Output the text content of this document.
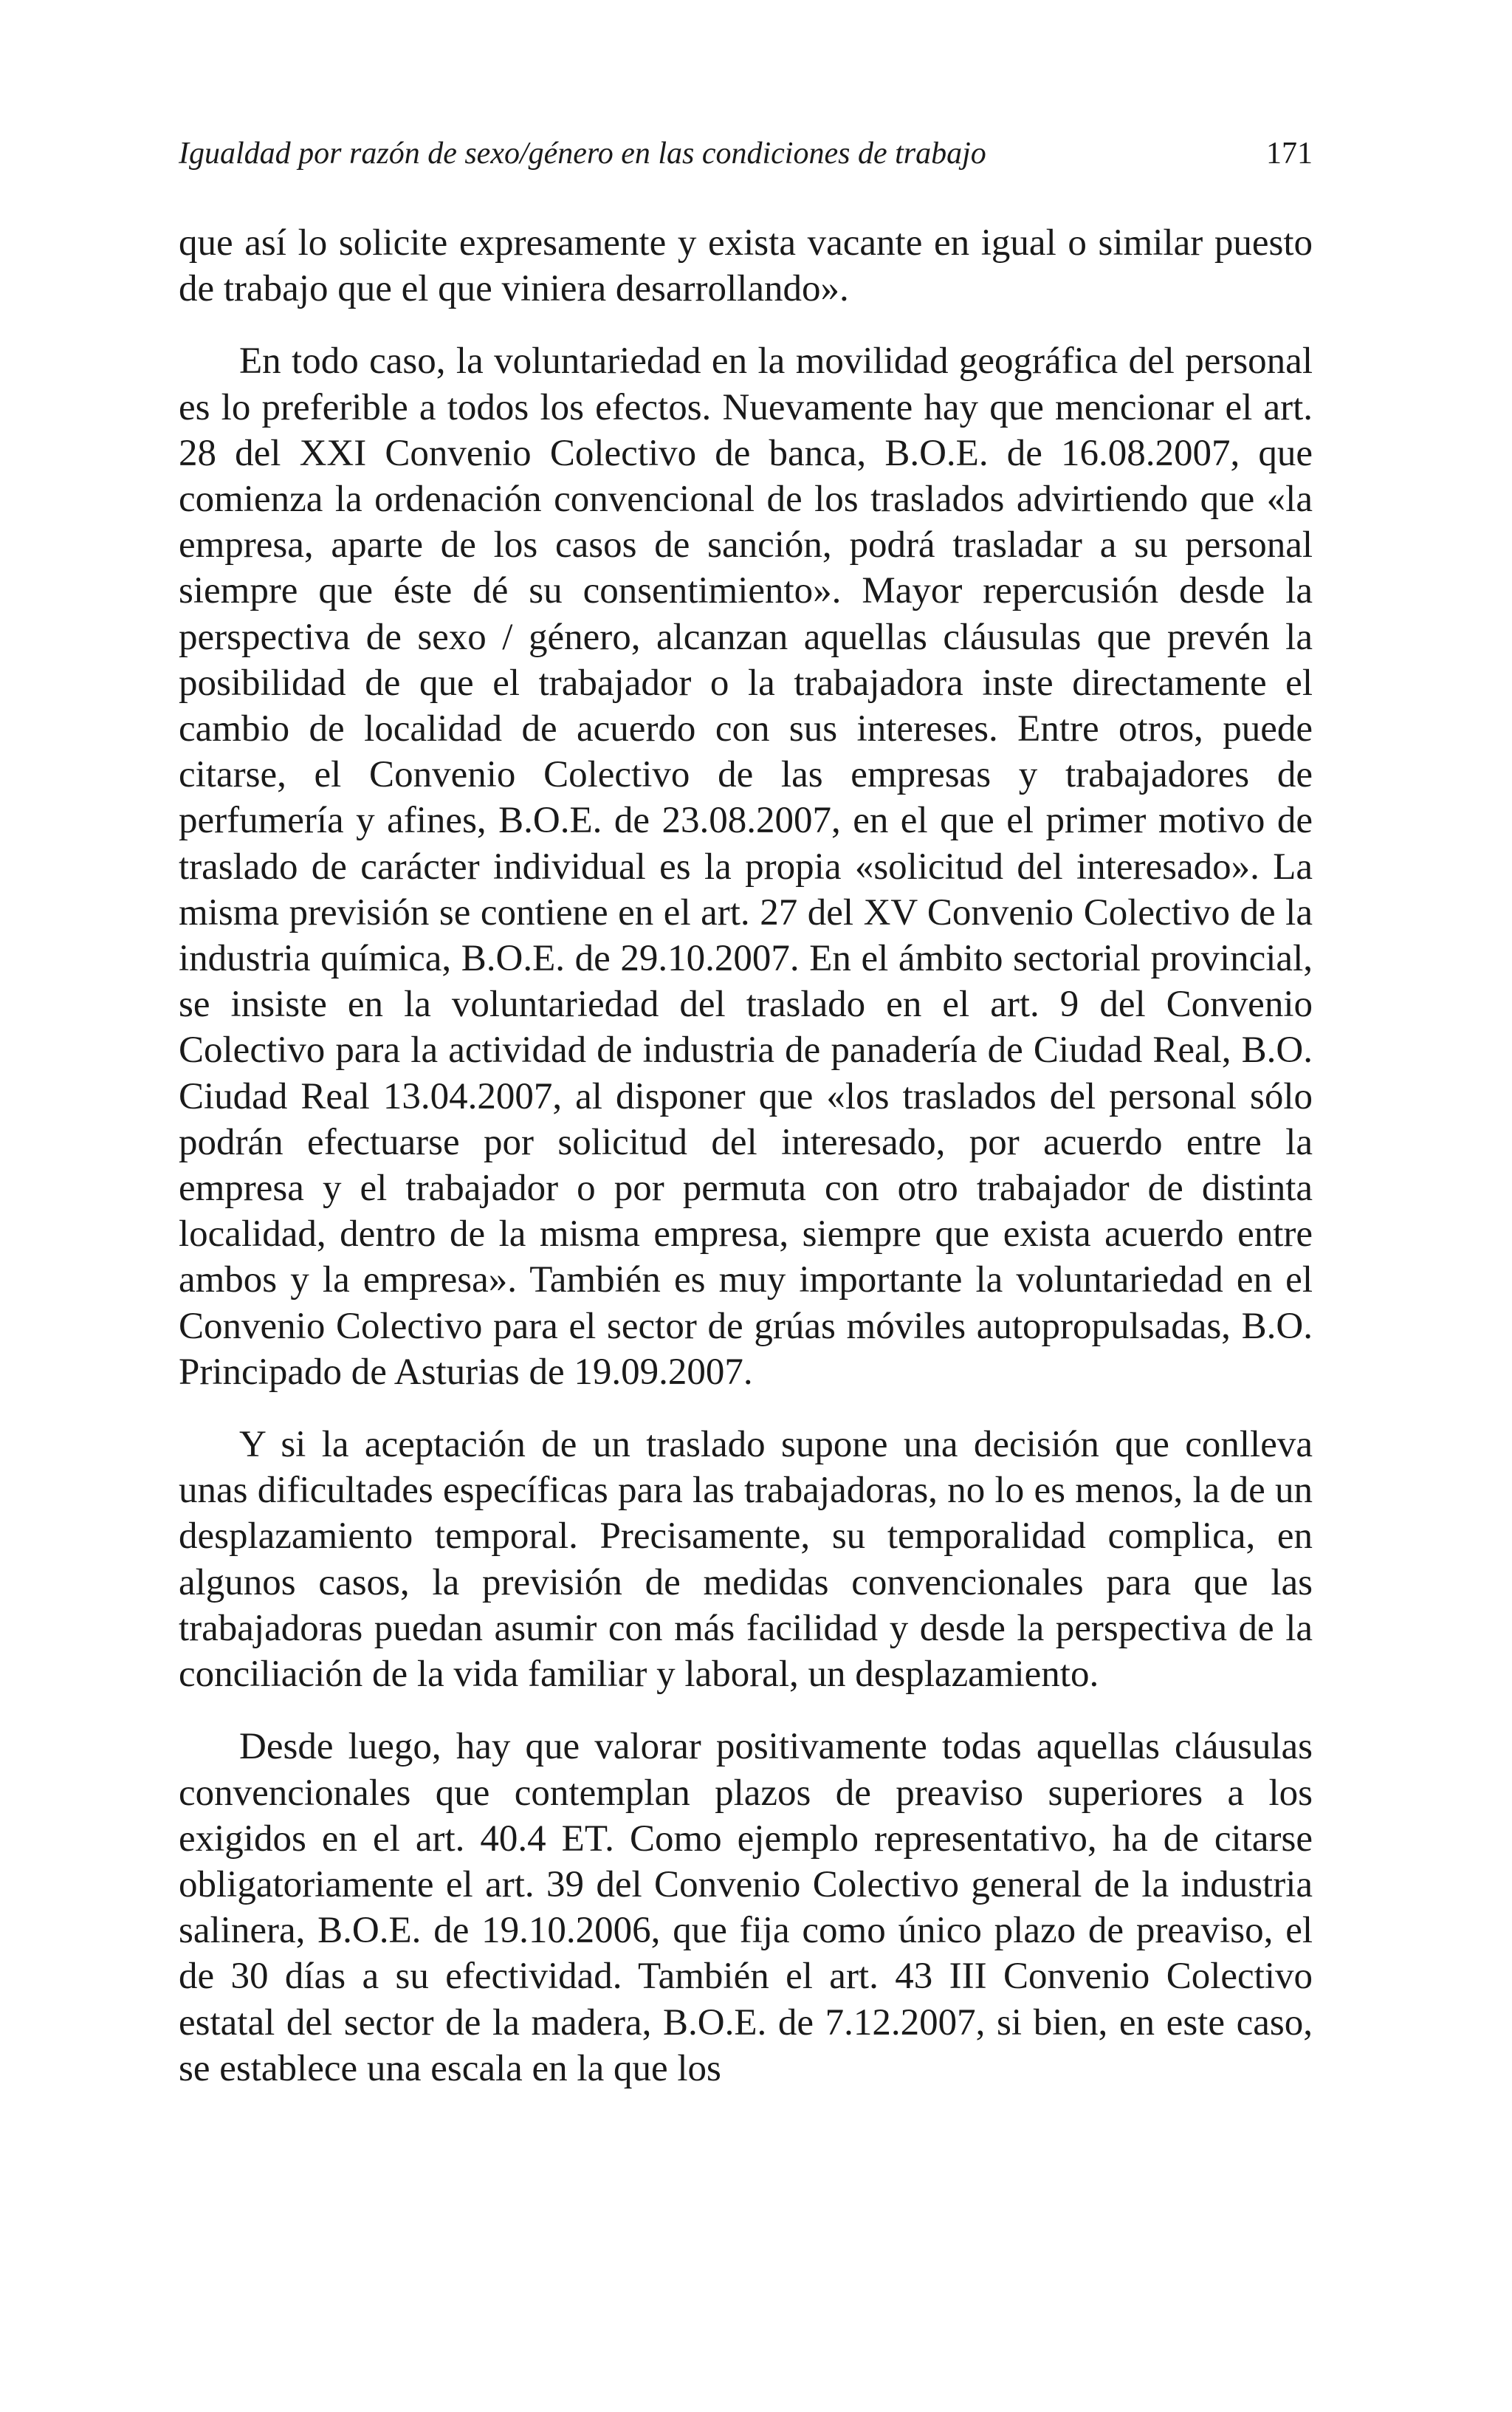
Igualdad por razón de sexo/género en las condiciones de trabajo	171

que así lo solicite expresamente y exista vacante en igual o similar puesto de trabajo que el que viniera desarrollando».

En todo caso, la voluntariedad en la movilidad geográfica del personal es lo preferible a todos los efectos. Nuevamente hay que mencionar el art. 28 del XXI Convenio Colectivo de banca, B.O.E. de 16.08.2007, que comienza la ordenación convencional de los traslados advirtiendo que «la empresa, aparte de los casos de sanción, podrá trasladar a su personal siempre que éste dé su consentimiento». Mayor repercusión desde la perspectiva de sexo / género, alcanzan aquellas cláusulas que prevén la posibilidad de que el trabajador o la trabajadora inste directamente el cambio de localidad de acuerdo con sus intereses. Entre otros, puede citarse, el Convenio Colectivo de las empresas y trabajadores de perfumería y afines, B.O.E. de 23.08.2007, en el que el primer motivo de traslado de carácter individual es la propia «solicitud del interesado». La misma previsión se contiene en el art. 27 del XV Convenio Colectivo de la industria química, B.O.E. de 29.10.2007. En el ámbito sectorial provincial, se insiste en la voluntariedad del traslado en el art. 9 del Convenio Colectivo para la actividad de industria de panadería de Ciudad Real, B.O. Ciudad Real 13.04.2007, al disponer que «los traslados del personal sólo podrán efectuarse por solicitud del interesado, por acuerdo entre la empresa y el trabajador o por permuta con otro trabajador de distinta localidad, dentro de la misma empresa, siempre que exista acuerdo entre ambos y la empresa». También es muy importante la voluntariedad en el Convenio Colectivo para el sector de grúas móviles autopropulsadas, B.O. Principado de Asturias de 19.09.2007.

Y si la aceptación de un traslado supone una decisión que conlleva unas dificultades específicas para las trabajadoras, no lo es menos, la de un desplazamiento temporal. Precisamente, su temporalidad complica, en algunos casos, la previsión de medidas convencionales para que las trabajadoras puedan asumir con más facilidad y desde la perspectiva de la conciliación de la vida familiar y laboral, un desplazamiento.

Desde luego, hay que valorar positivamente todas aquellas cláusulas convencionales que contemplan plazos de preaviso superiores a los exigidos en el art. 40.4 ET. Como ejemplo representativo, ha de citarse obligatoriamente el art. 39 del Convenio Colectivo general de la industria salinera, B.O.E. de 19.10.2006, que fija como único plazo de preaviso, el de 30 días a su efectividad. También el art. 43 III Convenio Colectivo estatal del sector de la madera, B.O.E. de 7.12.2007, si bien, en este caso, se establece una escala en la que los
